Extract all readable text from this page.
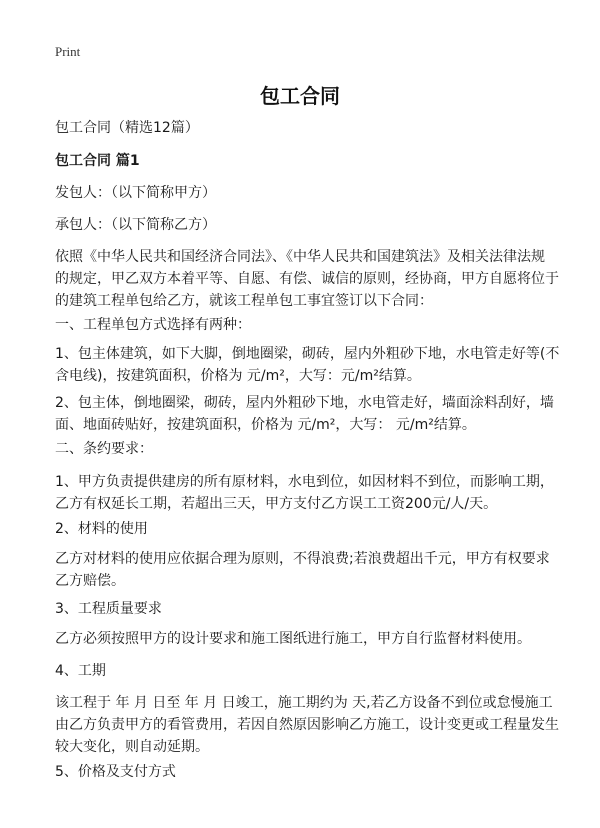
Print
包工合同
包工合同（精选12篇）
包工合同 篇1
发包人：（以下简称甲方）
承包人：（以下简称乙方）
依照《中华人民共和国经济合同法》、《中华人民共和国建筑法》及相关法律法规
的规定，甲乙双方本着平等、自愿、有偿、诚信的原则，经协商，甲方自愿将位于
的建筑工程单包给乙方，就该工程单包工事宜签订以下合同：
一、工程单包方式选择有两种：
1、包主体建筑，如下大脚，倒地圈梁，砌砖，屋内外粗砂下地，水电管走好等(不
含电线)，按建筑面积，价格为 元/m²，大写：元/m²结算。
2、包主体，倒地圈梁，砌砖，屋内外粗砂下地，水电管走好，墙面涂料刮好，墙
面、地面砖贴好，按建筑面积，价格为 元/m²，大写： 元/m²结算。
二、条约要求：
1、甲方负责提供建房的所有原材料，水电到位，如因材料不到位，而影响工期，
乙方有权延长工期，若超出三天，甲方支付乙方误工工资200元/人/天。
2、材料的使用
乙方对材料的使用应依据合理为原则，不得浪费;若浪费超出千元，甲方有权要求
乙方赔偿。
3、工程质量要求
乙方必须按照甲方的设计要求和施工图纸进行施工，甲方自行监督材料使用。
4、工期
该工程于 年 月 日至 年 月 日竣工，施工期约为 天,若乙方设备不到位或怠慢施工
由乙方负责甲方的看管费用，若因自然原因影响乙方施工，设计变更或工程量发生
较大变化，则自动延期。
5、价格及支付方式
